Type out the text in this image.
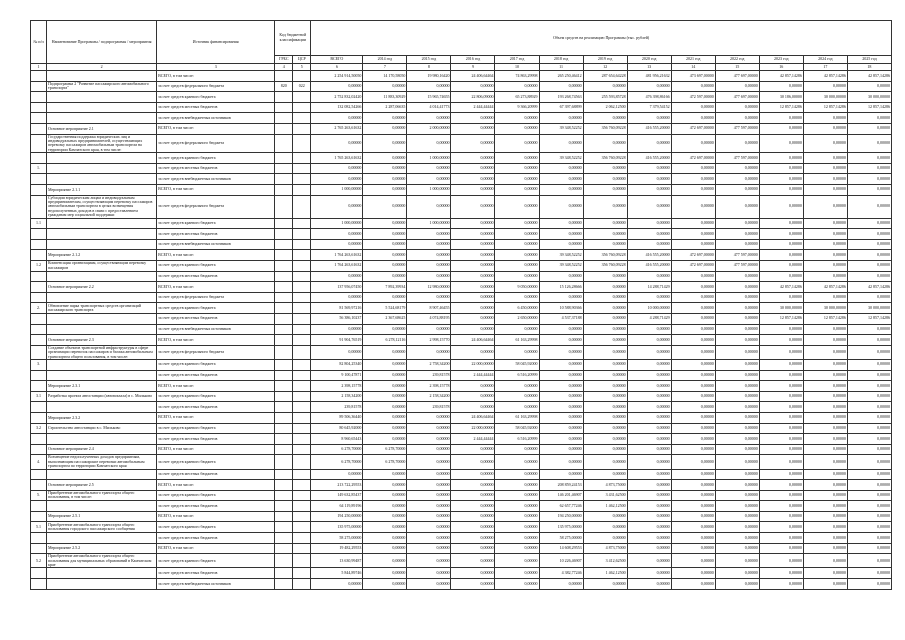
№ п/п	Наименование Программы / подпрограммы / мероприятия	Источник финансирования	Код бюджетной классификации		Объем средств на реализацию Программы (тыс. рублей)												
			ГРБС	ЦСР	ВСЕГО	2014 год	2015 год	2016 год	2017 год	2018 год	2019 год	2020 год	2021 год	2022 год	2023 год	2024 год	2025 год
1	2	3	4	5	6	7	8	9	10	11	12	13	14	15	16	17	18
		ВСЕГО, в том числе:			2 254 914,50050	14 170,58050	19 980,16420	24 406,64464	74 863,29998	265 250,46412	287 654,64228	481 956,21632	473 697,00000	477 697,00000	42 857,14286	42 857,14286	42 857,14286
	Подпрограмма 2 "Развитие пассажирского автомобильного транспорта"	за счет средств федерального бюджета	820	022	0,00000	0,00000	0,00000	0,00000	0,00000	0,00000	0,00000	0,00000	0,00000	0,00000	0,00000	0,00000	0,00000
		за счет средств краевого бюджета			2 752 832,02420	11 883,30929	15 965,74655	22 806,09000	65 273,88929	193 268,74563	255 593,85728	476 398,86166	472 597,00000	477 697,00000	30 186,00000	30 000,00000	30 000,00000
		за счет средств местных бюджетов			132 082,54266	2 287,06635	4 014,41773	2 444,44444	9 366,20999	67 397,68899	2 062,12500	7 379,54152	0,00000	0,00000	12 857,14286	12 857,14286	12 857,14286
		за счет средств внебюджетных источников			0,00000	0,00000	0,00000	0,00000	0,00000	0,00000	0,00000	0,00000	0,00000	0,00000	0,00000	0,00000	0,00000
	Основное мероприятие 2.1	ВСЕГО, в том числе:			2 765 263,61632	0,00000	2 000,00000	0,00000	0,00000	39 348,52252	356 760,09228	416 555,20000	472 697,00000	477 597,00000	0,00000	0,00000	0,00000
	Государственная поддержка юридических лиц и индивидуальных предпринимателей, осуществляющих перевозку пассажиров автомобильным транспортом на территории Камчатского края, в том числе:	за счет средств федерального бюджета			0,00000	0,00000	0,00000	0,00000	0,00000	0,00000	0,00000	0,00000	0,00000	0,00000	0,00000	0,00000	0,00000
		за счет средств краевого бюджета			1 765 263,61632	0,00000	1 000,00000	0,00000	0,00000	39 348,52252	356 760,09228	416 555,20000	472 697,00000	477 597,00000	0,00000	0,00000	0,00000
1.		за счет средств местных бюджетов			0,00000	0,00000	0,00000	0,00000	0,00000	0,00000	0,00000	0,00000	0,00000	0,00000	0,00000	0,00000	0,00000
		за счет средств внебюджетных источников			0,00000	0,00000	0,00000	0,00000	0,00000	0,00000	0,00000	0,00000	0,00000	0,00000	0,00000	0,00000	0,00000
	Мероприятие 2.1.1	ВСЕГО, в том числе:			1 000,00000	0,00000	1 000,00000	0,00000	0,00000	0,00000	0,00000	0,00000	0,00000	0,00000	0,00000	0,00000	0,00000
	Субсидии юридическим лицам и индивидуальным предпринимателям, осуществляющим перевозку пассажиров автомобильным транспортом в целях возмещения недополученных доходов в связи с предоставлением гражданам мер социальной поддержки	за счет средств федерального бюджета			0,00000	0,00000	0,00000	0,00000	0,00000	0,00000	0,00000	0,00000	0,00000	0,00000	0,00000	0,00000	0,00000
1.1		за счет средств краевого бюджета			1 000,00000	0,00000	1 000,00000	0,00000	0,00000	0,00000	0,00000	0,00000	0,00000	0,00000	0,00000	0,00000	0,00000
		за счет средств местных бюджетов			0,00000	0,00000	0,00000	0,00000	0,00000	0,00000	0,00000	0,00000	0,00000	0,00000	0,00000	0,00000	0,00000
		за счет средств внебюджетных источников			0,00000	0,00000	0,00000	0,00000	0,00000	0,00000	0,00000	0,00000	0,00000	0,00000	0,00000	0,00000	0,00000
	Мероприятие 2.1.2	ВСЕГО, в том числе:			1 764 263,61632	0,00000	0,00000	0,00000	0,00000	39 348,52252	356 760,09228	416 555,20000	472 697,00000	477 597,00000	0,00000	0,00000	0,00000
1.2	Компенсация организациям, осуществляющим перевозку пассажиров	за счет средств краевого бюджета			1 764 263,61632	0,00000	0,00000	0,00000	0,00000	39 348,52252	356 760,09228	416 555,20000	472 697,00000	477 597,00000	0,00000	0,00000	0,00000
		за счет средств местных бюджетов			0,00000	0,00000	0,00000	0,00000	0,00000	0,00000	0,00000	0,00000	0,00000	0,00000	0,00000	0,00000	0,00000
	Основное мероприятие 2.2	ВСЕГО, в том числе:			137 956,07450	7 892,39934	12 980,00000	0,00000	9 050,00000	15 126,28666	0,00000	14 288,71429	0,00000	0,00000	42 857,14286	42 857,14286	42 857,14286
		за счет средств федерального бюджета			0,00000	0,00000	0,00000	0,00000	0,00000	0,00000	0,00000	0,00000	0,00000	0,00000	0,00000	0,00000	0,00000
2.	Обновление парка транспортных средств организаций пассажирского транспорта	за счет средств краевого бюджета			81 569,97216	5 524,68179	8 907,46455	0,00000	6 450,00000	10 588,90366	0,00000	10 000,00000	0,00000	0,00000	30 000,00000	30 000,00000	30 000,00000
		за счет средств местных бюджетов			56 386,10237	2 367,68625	4 074,88195	0,00000	2 650,00000	4 537,37188	0,00000	4 288,71429	0,00000	0,00000	12 857,14286	12 857,14286	12 857,14286
		за счет средств внебюджетных источников			0,00000	0,00000	0,00000	0,00000	0,00000	0,00000	0,00000	0,00000	0,00000	0,00000	0,00000	0,00000	0,00000
	Основное мероприятие 2.3	ВСЕГО, в том числе:			91 904,76519	6 278,12116	2 998,15770	24 406,64464	61 163,29998	0,00000	0,00000	0,00000	0,00000	0,00000	0,00000	0,00000	0,00000
	Создание объектов транспортной инфраструктуры в сфере организации перевозок пассажиров и багажа автомобильным транспортом общего пользования, в том числе:	за счет средств федерального бюджета			0,00000	0,00000	0,00000	0,00000	0,00000	0,00000	0,00000	0,00000	0,00000	0,00000	0,00000	0,00000	0,00000
3.		за счет средств краевого бюджета			82 804,25340	0,00000	2 758,34200	22 000,00000	58 045,92000	0,00000	0,00000	0,00000	0,00000	0,00000	0,00000	0,00000	0,00000
		за счет средств местных бюджетов			9 100,47871	0,00000	239,81578	2 444,44444	6 516,20999	0,00000	0,00000	0,00000	0,00000	0,00000	0,00000	0,00000	0,00000
	Мероприятие 2.3.1	ВСЕГО, в том числе:			2 398,15778	0,00000	2 398,15778	0,00000	0,00000	0,00000	0,00000	0,00000	0,00000	0,00000	0,00000	0,00000	0,00000
3.1	Разработка проекта автостанции (автовокзала) в с. Мильково	за счет средств краевого бюджета			2 158,34200	0,00000	2 158,34200	0,00000	0,00000	0,00000	0,00000	0,00000	0,00000	0,00000	0,00000	0,00000	0,00000
		за счет средств местных бюджетов			239,81578	0,00000	239,81578	0,00000	0,00000	0,00000	0,00000	0,00000	0,00000	0,00000	0,00000	0,00000	0,00000
	Мероприятие 2.3.2	ВСЕГО, в том числе:			89 506,36440	0,00000	0,00000	24 406,64464	61 163,29998	0,00000	0,00000	0,00000	0,00000	0,00000	0,00000	0,00000	0,00000
3.2	Строительство автостанции в с. Мильково	за счет средств краевого бюджета			80 645,92000	0,00000	0,00000	22 000,00000	58 045,92000	0,00000	0,00000	0,00000	0,00000	0,00000	0,00000	0,00000	0,00000
		за счет средств местных бюджетов			8 960,65443	0,00000	0,00000	2 444,44444	6 516,20999	0,00000	0,00000	0,00000	0,00000	0,00000	0,00000	0,00000	0,00000
	Основное мероприятие 2.4	ВСЕГО, в том числе:			6 278,70000	6 278,70000	0,00000	0,00000	0,00000	0,00000	0,00000	0,00000	0,00000	0,00000	0,00000	0,00000	0,00000
4.	Возмещение недополученных доходов предприятиям, выполняющим пассажирские перевозки автомобильным транспортом по территории Камчатского края	за счет средств краевого бюджета			6 278,70000	6 278,70000	0,00000	0,00000	0,00000	0,00000	0,00000	0,00000	0,00000	0,00000	0,00000	0,00000	0,00000
		за счет средств местных бюджетов			0,00000	0,00000	0,00000	0,00000	0,00000	0,00000	0,00000	0,00000	0,00000	0,00000	0,00000	0,00000	0,00000
	Основное мероприятие 2.5	ВСЕГО, в том числе:			213 722,29553	0,00000	0,00000	0,00000	0,00000	208 859,24153	4 873,75000	0,00000	0,00000	0,00000	0,00000	0,00000	0,00000
5.	Приобретение автомобильного транспорта общего пользования, в том числе:	за счет средств краевого бюджета			149 632,85437	0,00000	0,00000	0,00000	0,00000	146 201,46907	3 431,62500	0,00000	0,00000	0,00000	0,00000	0,00000	0,00000
		за счет средств местных бюджетов			64 119,89196	0,00000	0,00000	0,00000	0,00000	62 657,77246	1 462,12500	0,00000	0,00000	0,00000	0,00000	0,00000	0,00000
	Мероприятие 2.5.1	ВСЕГО, в том числе:			194 250,00000	0,00000	0,00000	0,00000	0,00000	194 250,00000	0,00000	0,00000	0,00000	0,00000	0,00000	0,00000	0,00000
5.1	Приобретение автомобильного транспорта общего пользования городского пассажирского сообщения	за счет средств краевого бюджета			135 975,00000	0,00000	0,00000	0,00000	0,00000	135 975,00000	0,00000	0,00000	0,00000	0,00000	0,00000	0,00000	0,00000
		за счет средств местных бюджетов			58 275,00000	0,00000	0,00000	0,00000	0,00000	58 275,00000	0,00000	0,00000	0,00000	0,00000	0,00000	0,00000	0,00000
	Мероприятие 2.5.2	ВСЕГО, в том числе:			19 482,29553	0,00000	0,00000	0,00000	0,00000	14 608,29553	4 873,75000	0,00000	0,00000	0,00000	0,00000	0,00000	0,00000
5.2	Приобретение автомобильного транспорта общего пользования для муниципальных образований в Камчатском крае	за счет средств краевого бюджета			13 630,99487	0,00000	0,00000	0,00000	0,00000	10 226,46907	3 412,62500	0,00000	0,00000	0,00000	0,00000	0,00000	0,00000
		за счет средств местных бюджетов			5 844,89746	0,00000	0,00000	0,00000	0,00000	4 382,77246	1 462,12500	0,00000	0,00000	0,00000	0,00000	0,00000	0,00000
		за счет средств внебюджетных источников			0,00000	0,00000	0,00000	0,00000	0,00000	0,00000	0,00000	0,00000	0,00000	0,00000	0,00000	0,00000	0,00000
